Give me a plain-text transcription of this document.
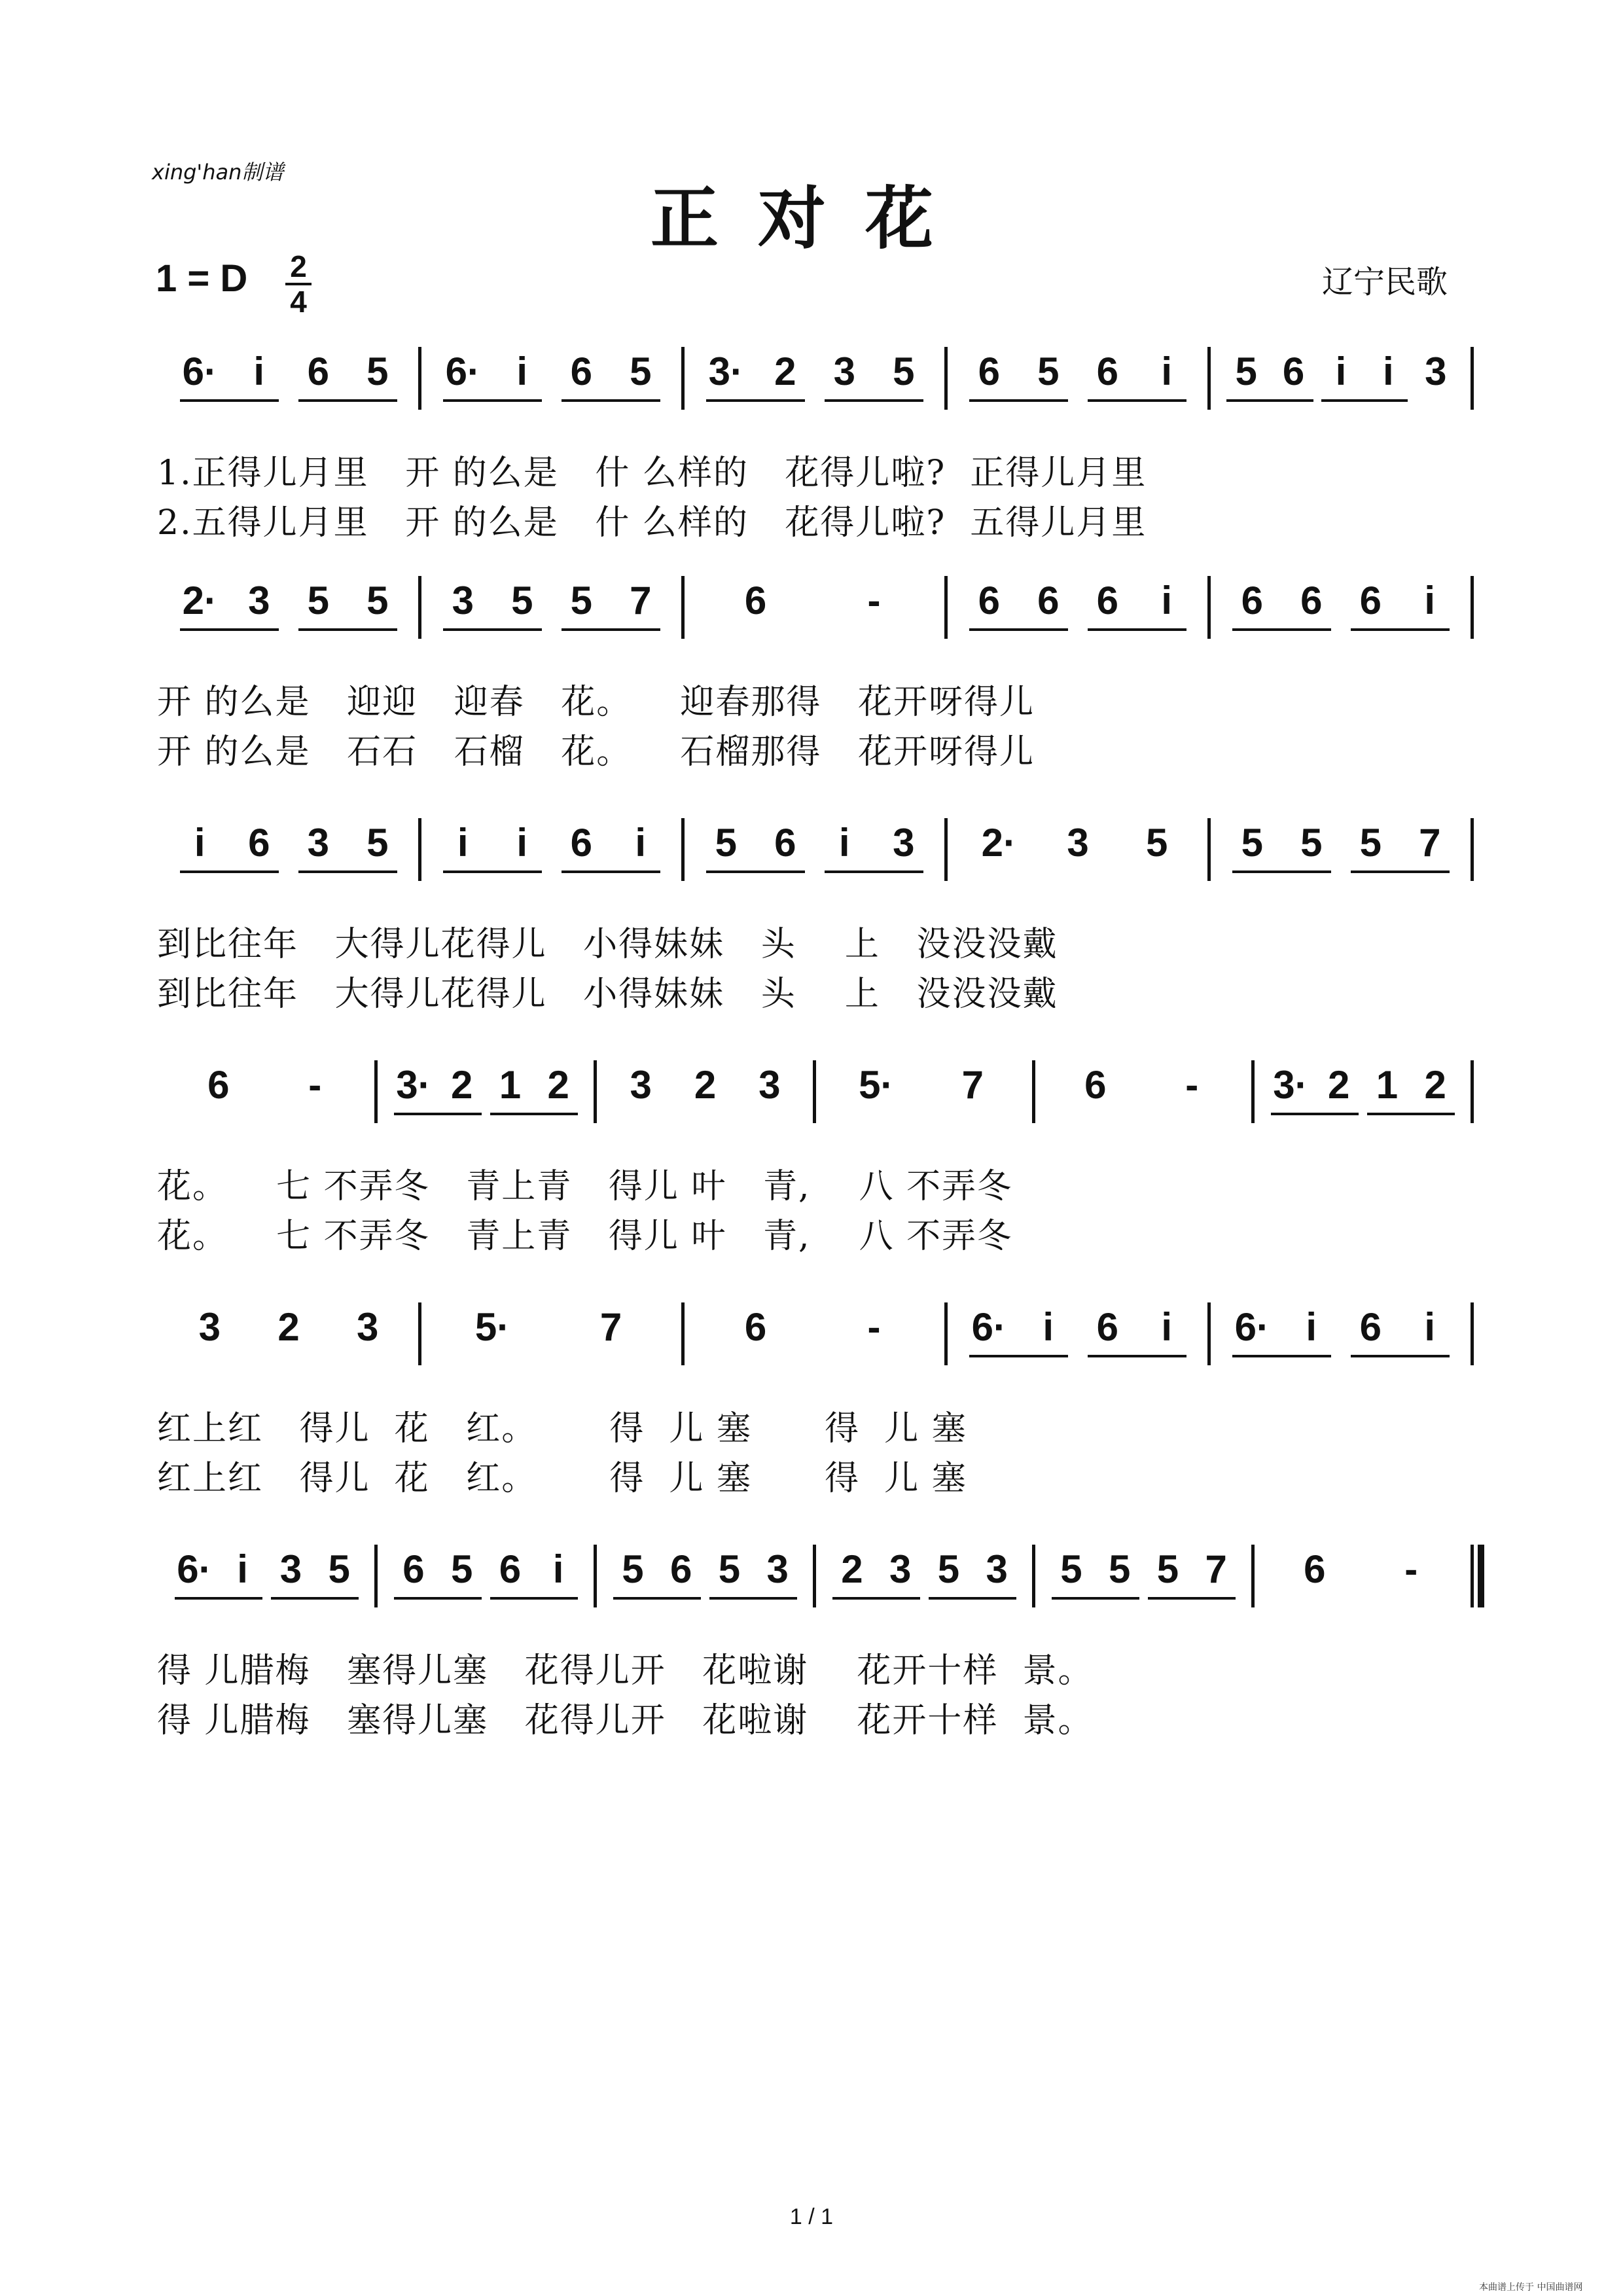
xing'han制谱
正对花
1 = D 2
4
辽宁民歌
6· i	6 5 6· i	6 5 3· 2 3 5 6 5 6	i	5 6 i i 3
1.正得儿月里   开 的么是   什 么样的   花得儿啦?  正得儿月里
2.五得儿月里   开 的么是   什 么样的   花得儿啦?  五得儿月里
2· 3 5 5 3 5 5 7 6	-	6 6 6	i	6 6 6	i
开 的么是   迎迎   迎春   花。    迎春那得   花开呀得儿
开 的么是   石石   石榴   花。    石榴那得   花开呀得儿
i	6 3 5	i	i	6	i	5 6	i	3 2· 3 5 5 5 5 7
到比往年   大得儿花得儿   小得妹妹   头    上   没没没戴
到比往年   大得儿花得儿   小得妹妹   头    上   没没没戴
6	-	3· 2 1 2 3 2 3 5· 7	6	-	3· 2 1 2
花。    七 不弄冬   青上青   得儿 叶   青,    八 不弄冬
花。    七 不弄冬   青上青   得儿 叶   青,    八 不弄冬
3 2 3 5· 7	6	-	6· i	6	i	6· i	6	i
红上红   得儿  花   红。      得  儿 塞      得  儿 塞
红上红   得儿  花   红。      得  儿 塞      得  儿 塞
6· i 3 5 6 5 6 i	5 6 5 3 2 3 5 3 5 5 5 7 6	-
得 儿腊梅   塞得儿塞   花得儿开   花啦谢    花开十样  景。
得 儿腊梅   塞得儿塞   花得儿开   花啦谢    花开十样  景。
1 / 1
本曲谱上传于 中国曲谱网
